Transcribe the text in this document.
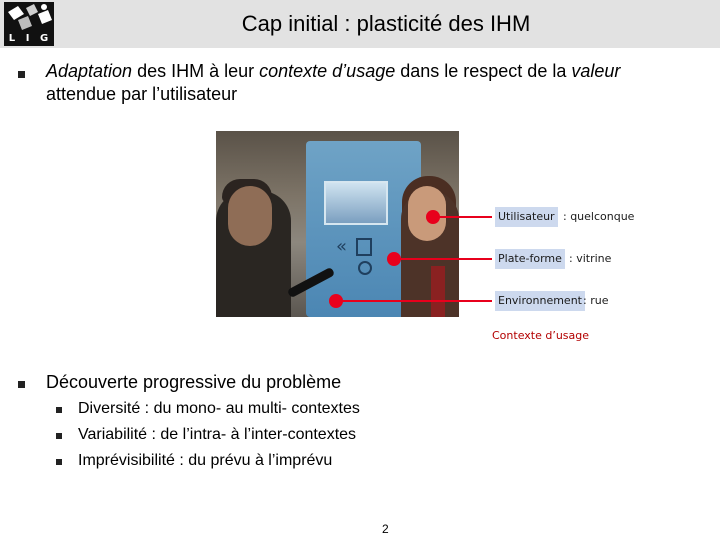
L I G
Cap initial : plasticité des IHM
Adaptation des IHM à leur contexte d’usage dans le respect de la valeur
attendue par l’utilisateur
«
Utilisateur : quelconque
Plate-forme : vitrine
Environnement : rue
Contexte d’usage
Découverte progressive du problème
Diversité : du mono- au multi- contextes
Variabilité : de l’intra- à l’inter-contextes
Imprévisibilité : du prévu à l’imprévu
2
